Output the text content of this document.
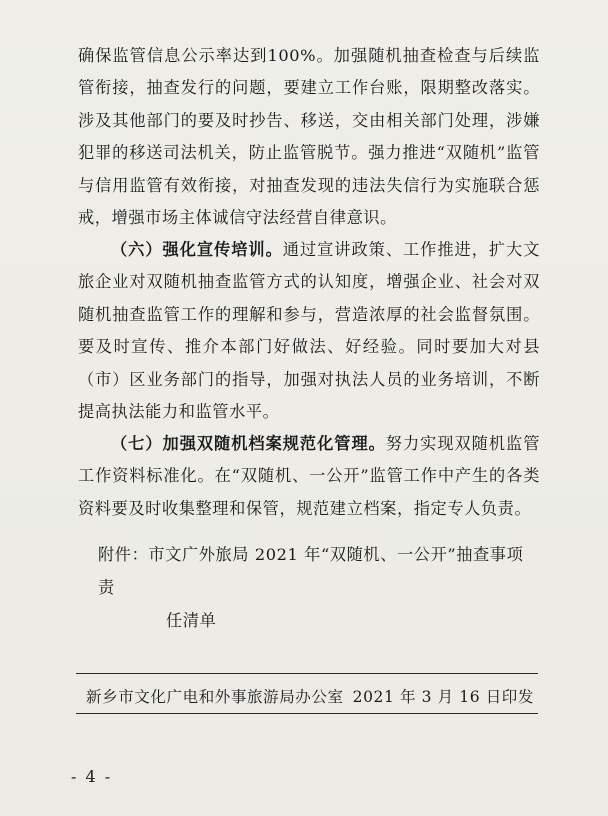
确保监管信息公示率达到100%。加强随机抽查检查与后续监管衔接，抽查发行的问题，要建立工作台账，限期整改落实。涉及其他部门的要及时抄告、移送，交由相关部门处理，涉嫌犯罪的移送司法机关，防止监管脱节。强力推进“双随机”监管与信用监管有效衔接，对抽查发现的违法失信行为实施联合惩戒，增强市场主体诚信守法经营自律意识。

（六）强化宣传培训。通过宣讲政策、工作推进，扩大文旅企业对双随机抽查监管方式的认知度，增强企业、社会对双随机抽查监管工作的理解和参与，营造浓厚的社会监督氛围。要及时宣传、推介本部门好做法、好经验。同时要加大对县（市）区业务部门的指导，加强对执法人员的业务培训，不断提高执法能力和监管水平。

（七）加强双随机档案规范化管理。努力实现双随机监管工作资料标准化。在“双随机、一公开”监管工作中产生的各类资料要及时收集整理和保管，规范建立档案，指定专人负责。

附件：市文广外旅局 2021 年“双随机、一公开”抽查事项责
任清单
新乡市文化广电和外事旅游局办公室 2021 年 3 月 16 日印发
- 4 -
